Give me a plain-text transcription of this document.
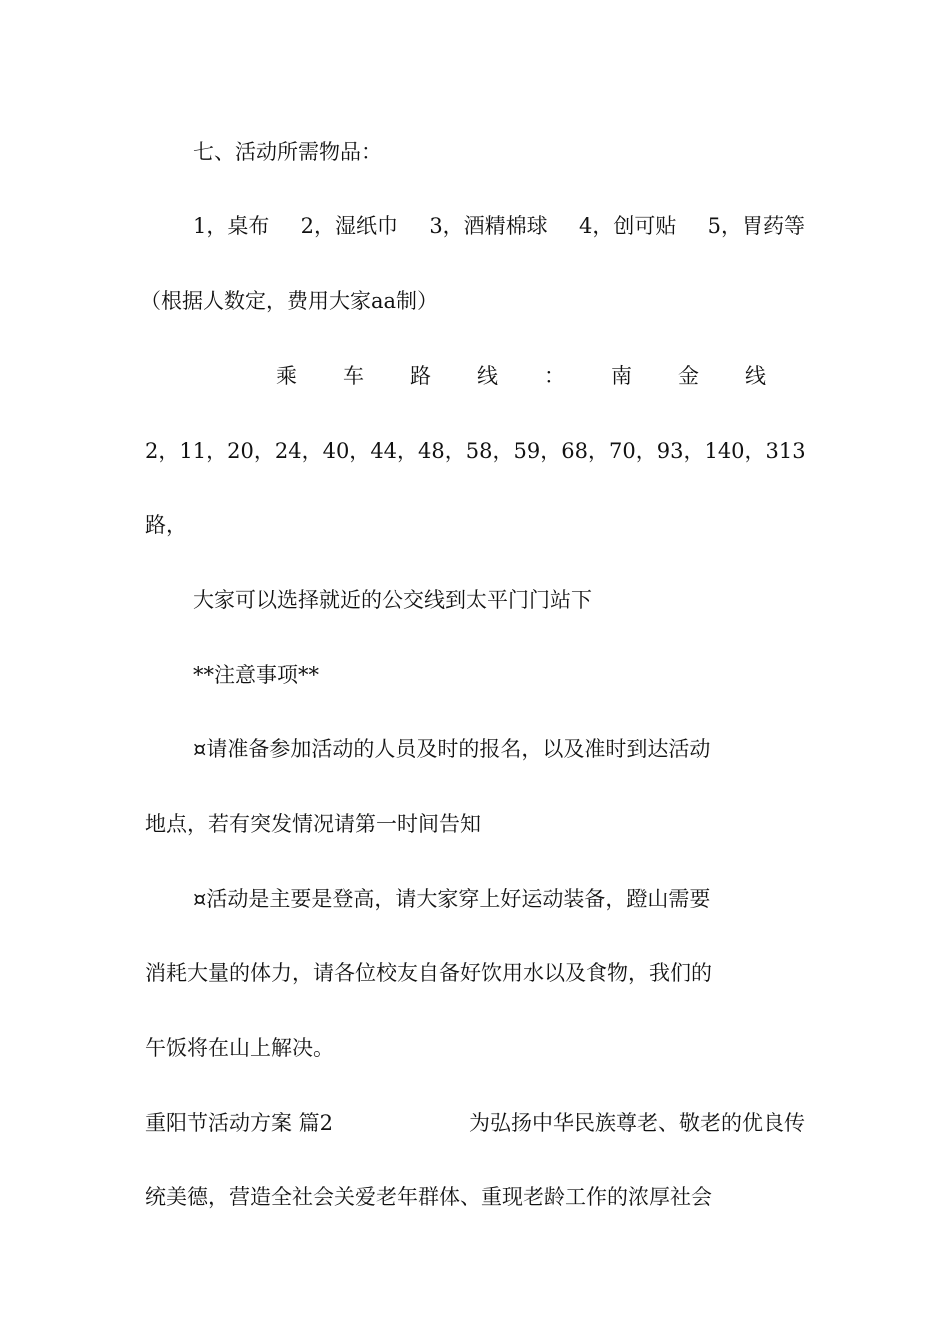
七、活动所需物品：
1，桌布 2，湿纸巾 3，酒精棉球 4，创可贴 5，胃药等
（根据人数定，费用大家aa制）
乘 车 路 线 ： 南 金 线
2， 11， 20， 24， 40， 44， 48， 58， 59， 68， 70， 93， 140， 313
路，
大家可以选择就近的公交线到太平门门站下
**注意事项**
¤请准备参加活动的人员及时的报名，以及准时到达活动
地点，若有突发情况请第一时间告知
¤活动是主要是登高，请大家穿上好运动装备，蹬山需要
消耗大量的体力，请各位校友自备好饮用水以及食物，我们的
午饭将在山上解决。
重阳节活动方案 篇2	为弘扬中华民族尊老、敬老的优良传
统美德，营造全社会关爱老年群体、重现老龄工作的浓厚社会
